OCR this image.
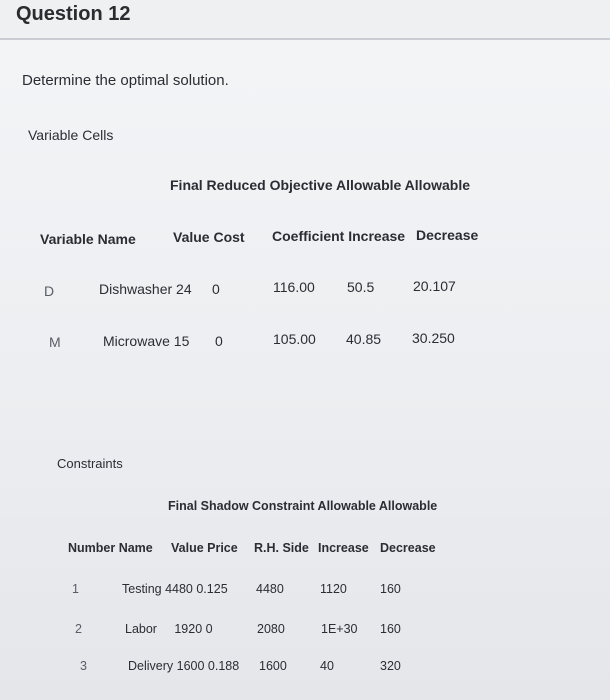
Question 12
Determine the optimal solution.
Variable Cells
Final Reduced Objective Allowable Allowable
Variable Name	Value Cost Coefficient Increase Decrease
D	Dishwasher 24 0	116.00 50.5	20.107
M	Microwave 15 0	105.00 40.85 30.250
Constraints
Final Shadow Constraint Allowable Allowable
Number Name Value Price R.H. Side Increase Decrease
1	Testing 4480 0.125 4480	1120	160
2	Labor     1920 0	2080	1E+30 160
3	Delivery 1600 0.188 1600	40	320
